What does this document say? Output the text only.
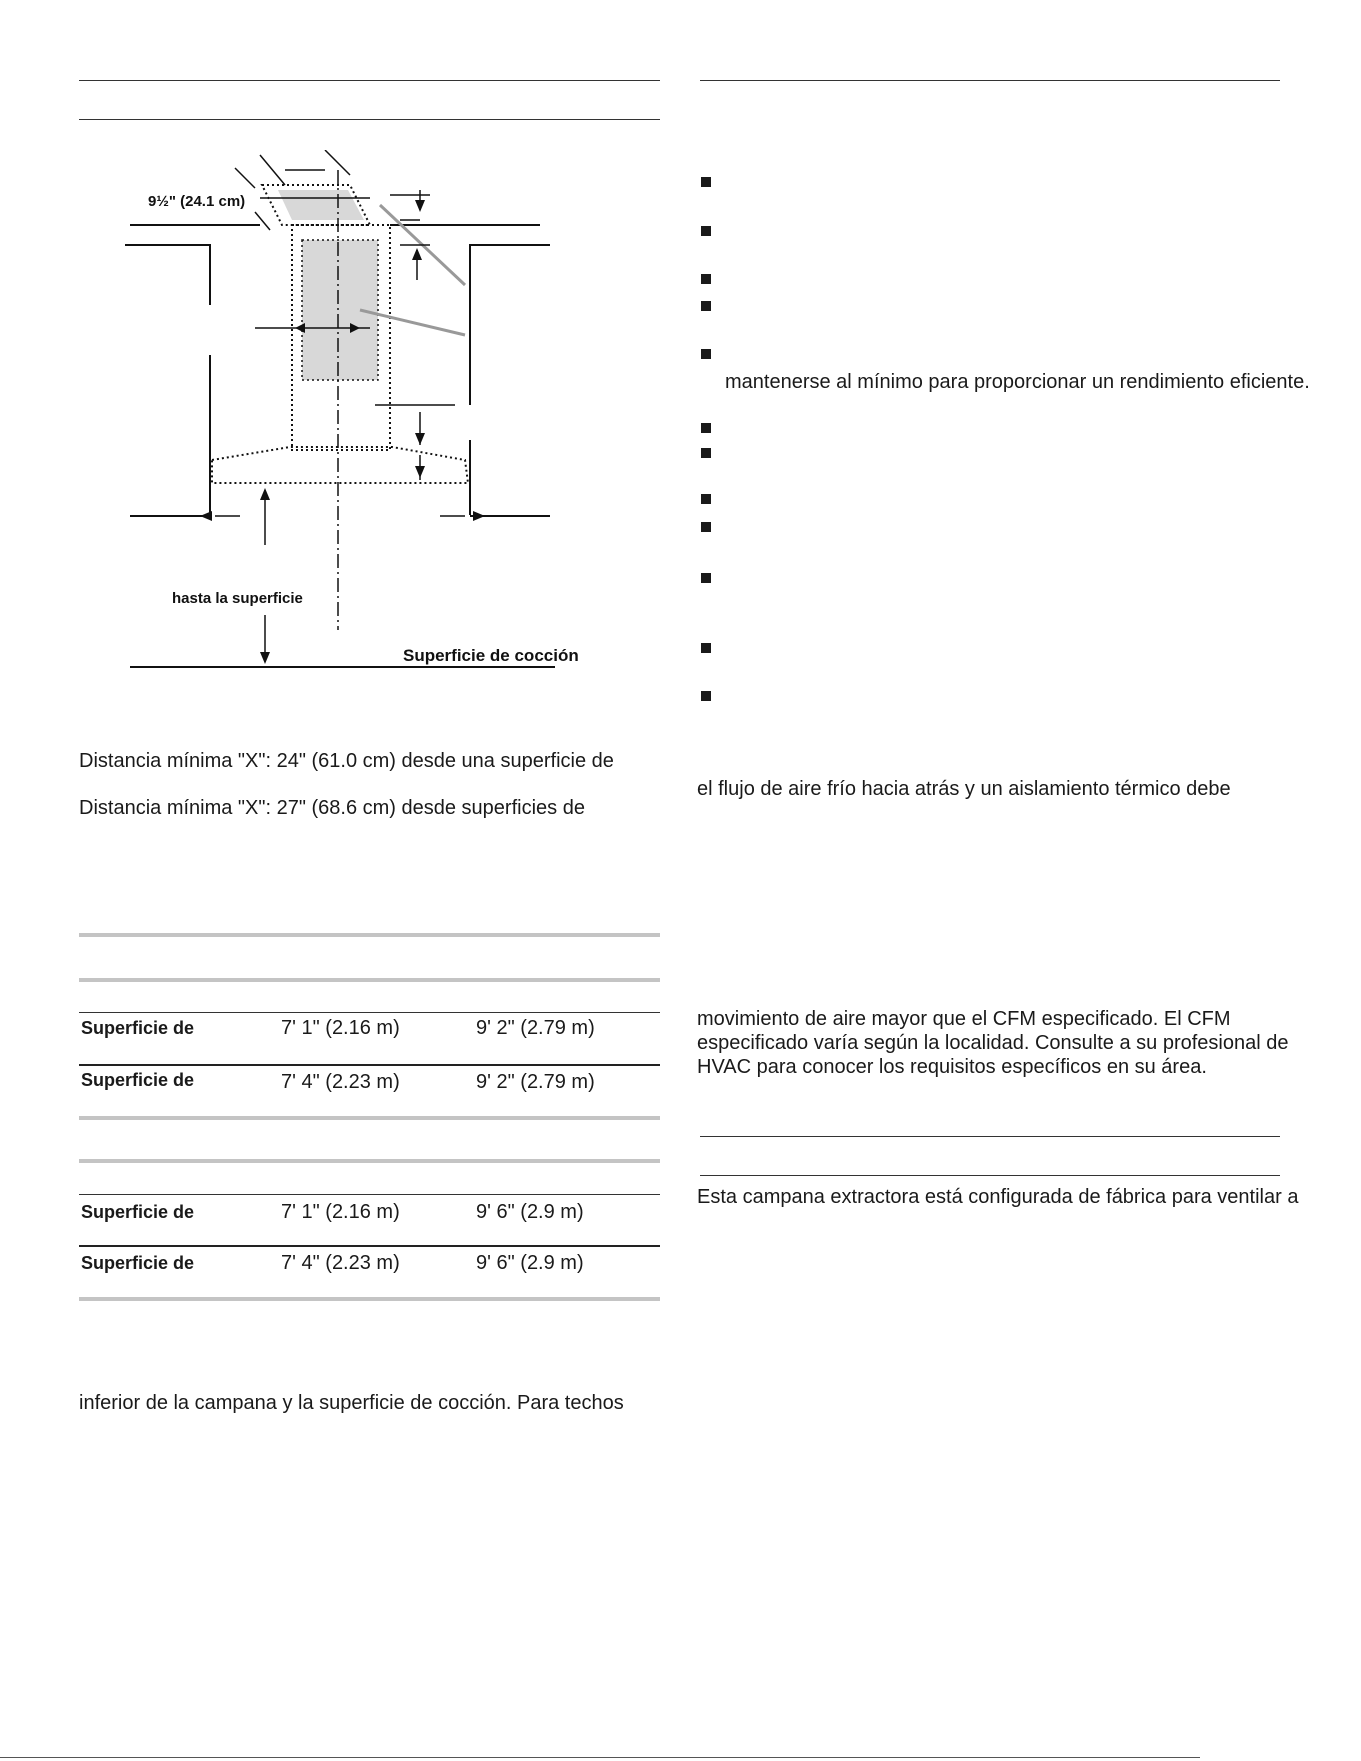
9½" (24.1 cm)
hasta la superficie
Superficie de cocción
Distancia mínima "X": 24" (61.0 cm) desde una superficie de
Distancia mínima "X": 27" (68.6 cm) desde superficies de
Superficie de	7' 1" (2.16 m)	9' 2" (2.79 m)
Superficie de	7' 4" (2.23 m)	9' 2" (2.79 m)
Superficie de	7' 1" (2.16 m)	9' 6" (2.9 m)
Superficie de	7' 4" (2.23 m)	9' 6" (2.9 m)
inferior de la campana y la superficie de cocción. Para techos
mantenerse al mínimo para proporcionar un rendimiento eficiente.
el flujo de aire frío hacia atrás y un aislamiento térmico debe
movimiento de aire mayor que el CFM especificado. El CFM
especificado varía según la localidad. Consulte a su profesional de
HVAC para conocer los requisitos específicos en su área.
Esta campana extractora está configurada de fábrica para ventilar a
